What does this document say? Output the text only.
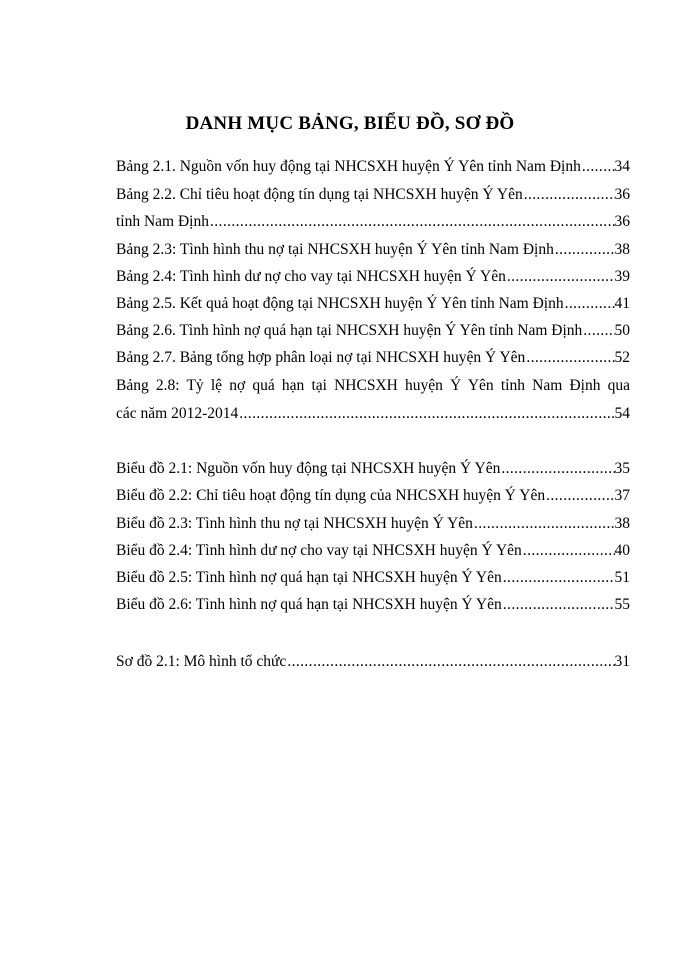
DANH MỤC BẢNG, BIỂU ĐỒ, SƠ ĐỒ
Bảng 2.1. Nguồn vốn huy động tại NHCSXH huyện Ý Yên tỉnh Nam Định ..... 34
Bảng 2.2. Chỉ tiêu hoạt động tín dụng tại NHCSXH huyện Ý Yên .....	36
tỉnh Nam Định .....	36
Bảng 2.3: Tình hình thu nợ tại NHCSXH huyện Ý Yên tỉnh Nam Định .....	38
Bảng 2.4: Tình hình dư nợ cho vay tại NHCSXH huyện Ý Yên .....	39
Bảng 2.5. Kết quả hoạt động tại NHCSXH huyện Ý Yên tỉnh Nam Định .....	41
Bảng 2.6. Tình hình nợ quá hạn tại NHCSXH huyện Ý Yên tỉnh Nam Định ..... 50
Bảng 2.7. Bảng tổng hợp phân loại nợ tại NHCSXH huyện Ý Yên .....	52
Bảng 2.8: Tỷ lệ nợ quá hạn tại NHCSXH huyện Ý Yên tỉnh Nam Định qua
các năm 2012-2014 .....	54
Biểu đồ 2.1: Nguồn vốn huy động tại NHCSXH huyện Ý Yên .....	35
Biểu đồ 2.2: Chỉ tiêu hoạt động tín dụng của NHCSXH huyện Ý Yên .....	37
Biểu đồ 2.3: Tình hình thu nợ tại NHCSXH huyện Ý Yên .....	38
Biểu đồ 2.4: Tình hình dư nợ cho vay tại NHCSXH huyện Ý Yên .....	40
Biểu đồ 2.5: Tình hình nợ quá hạn tại NHCSXH huyện Ý Yên .....	51
Biểu đồ 2.6: Tình hình nợ quá hạn tại NHCSXH huyện Ý Yên .....	55
Sơ đồ 2.1: Mô hình tổ chức .....	31
